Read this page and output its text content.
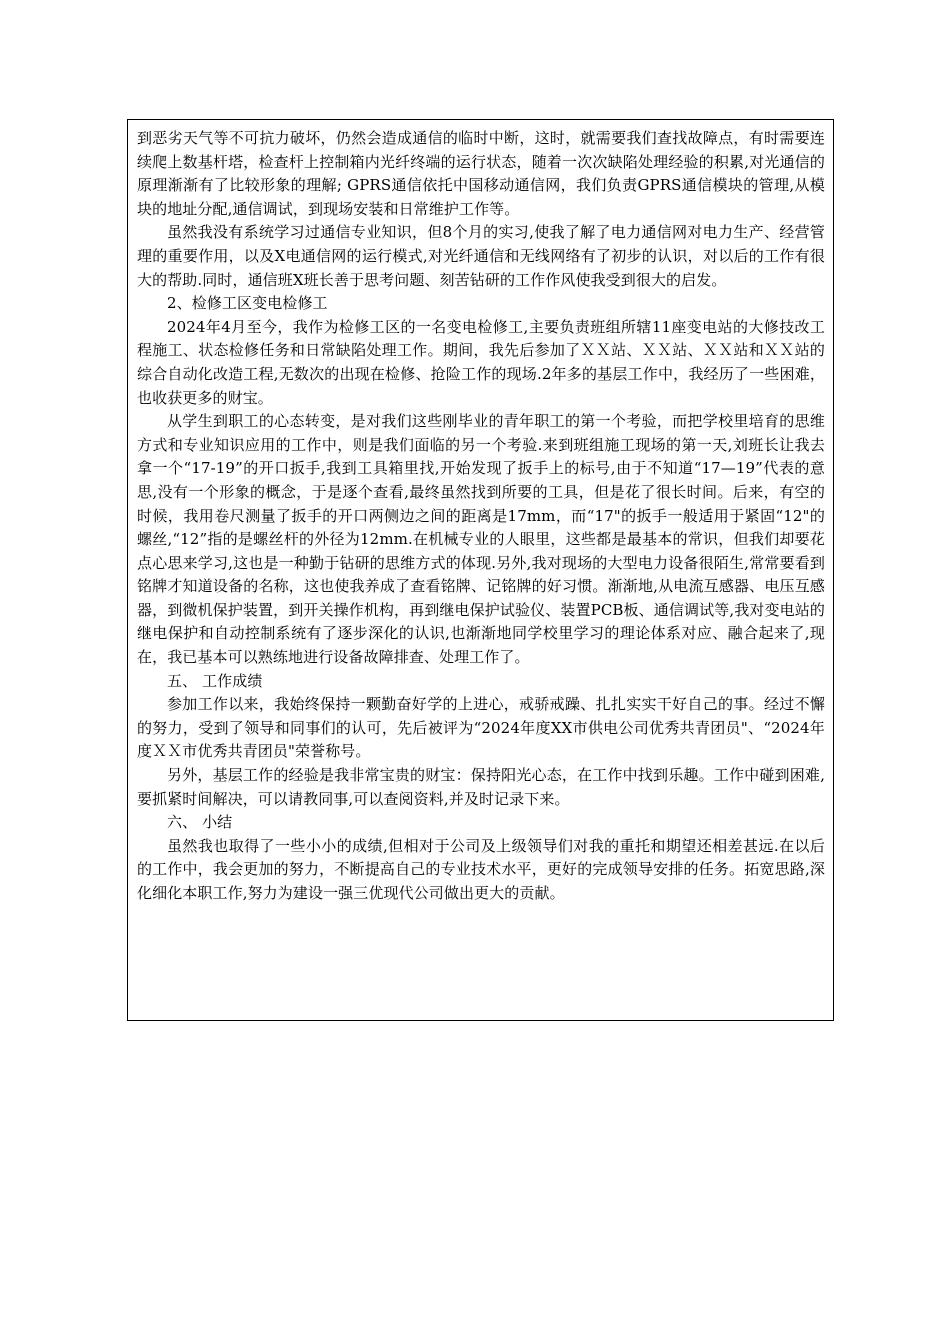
到恶劣天气等不可抗力破坏，仍然会造成通信的临时中断，这时，就需要我们查找故障点，有时需要连续爬上数基杆塔，检查杆上控制箱内光纤终端的运行状态，随着一次次缺陷处理经验的积累,对光通信的原理渐渐有了比较形象的理解; GPRS通信依托中国移动通信网，我们负责GPRS通信模块的管理,从模块的地址分配,通信调试，到现场安装和日常维护工作等。

虽然我没有系统学习过通信专业知识，但8个月的实习,使我了解了电力通信网对电力生产、经营管理的重要作用，以及X电通信网的运行模式,对光纤通信和无线网络有了初步的认识，对以后的工作有很大的帮助.同时，通信班X班长善于思考问题、刻苦钻研的工作作风使我受到很大的启发。

2、检修工区变电检修工

2024年4月至今，我作为检修工区的一名变电检修工,主要负责班组所辖11座变电站的大修技改工程施工、状态检修任务和日常缺陷处理工作。期间，我先后参加了ＸＸ站、ＸＸ站、ＸＸ站和ＸＸ站的综合自动化改造工程,无数次的出现在检修、抢险工作的现场.2年多的基层工作中，我经历了一些困难，也收获更多的财宝。

从学生到职工的心态转变，是对我们这些刚毕业的青年职工的第一个考验，而把学校里培育的思维方式和专业知识应用的工作中，则是我们面临的另一个考验.来到班组施工现场的第一天,刘班长让我去拿一个“17-19”的开口扳手,我到工具箱里找,开始发现了扳手上的标号,由于不知道“17—19”代表的意思,没有一个形象的概念，于是逐个查看,最终虽然找到所要的工具，但是花了很长时间。后来，有空的时候，我用卷尺测量了扳手的开口两侧边之间的距离是17mm，而“17"的扳手一般适用于紧固“12"的螺丝,“12”指的是螺丝杆的外径为12mm.在机械专业的人眼里，这些都是最基本的常识，但我们却要花点心思来学习,这也是一种勤于钻研的思维方式的体现.另外,我对现场的大型电力设备很陌生,常常要看到铭牌才知道设备的名称，这也使我养成了查看铭牌、记铭牌的好习惯。渐渐地,从电流互感器、电压互感器，到微机保护装置，到开关操作机构，再到继电保护试验仪、装置PCB板、通信调试等,我对变电站的继电保护和自动控制系统有了逐步深化的认识,也渐渐地同学校里学习的理论体系对应、融合起来了,现在，我已基本可以熟练地进行设备故障排查、处理工作了。

五、 工作成绩

参加工作以来，我始终保持一颗勤奋好学的上进心，戒骄戒躁、扎扎实实干好自己的事。经过不懈的努力，受到了领导和同事们的认可，先后被评为“2024年度XX市供电公司优秀共青团员"、“2024年度ＸＸ市优秀共青团员"荣誉称号。

另外，基层工作的经验是我非常宝贵的财宝：保持阳光心态，在工作中找到乐趣。工作中碰到困难,要抓紧时间解决，可以请教同事,可以查阅资料,并及时记录下来。

六、 小结

虽然我也取得了一些小小的成绩,但相对于公司及上级领导们对我的重托和期望还相差甚远.在以后的工作中，我会更加的努力，不断提高自己的专业技术水平，更好的完成领导安排的任务。拓宽思路,深化细化本职工作,努力为建设一强三优现代公司做出更大的贡献。
